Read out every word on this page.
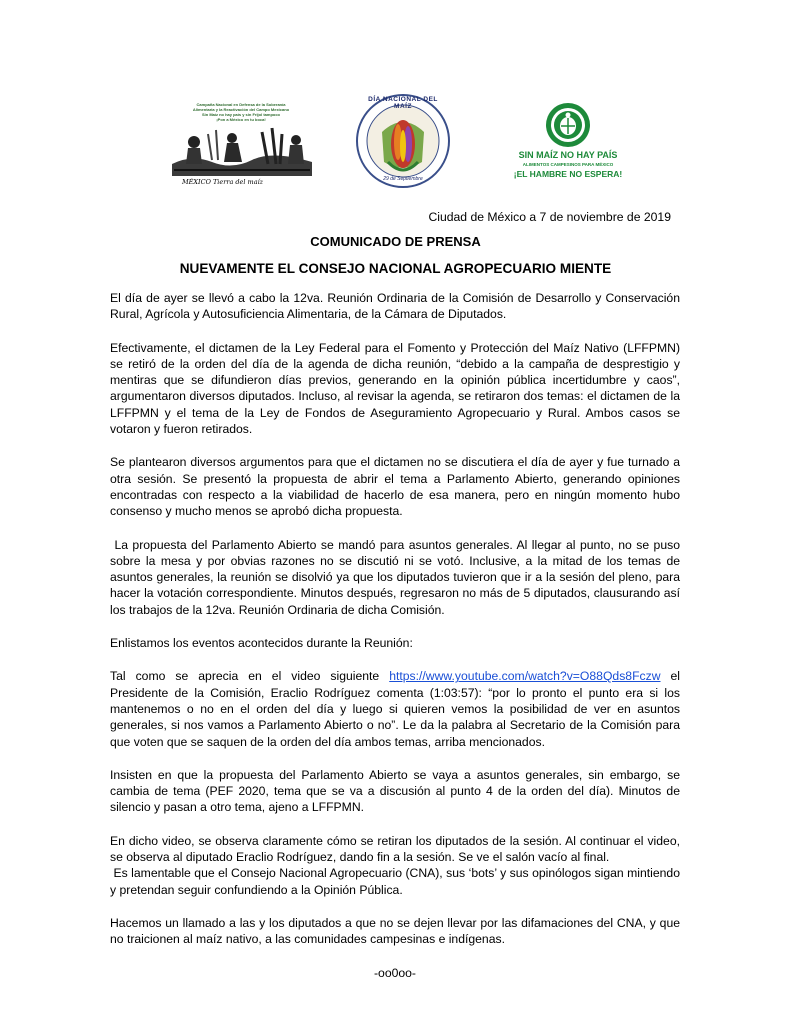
Campaña Nacional en Defensa de la Soberanía
Alimentaria y la Reactivación del Campo Mexicano
Sin Maíz no hay país y sin Frijol tampoco
¡Pon a México en tu boca!
MÉXICO Tierra del maíz
DÍA NACIONAL DEL MAÍZ
29 de Septiembre
SIN MAÍZ NO HAY PAÍS
ALIMENTOS CAMPESINOS PARA MÉXICO
¡EL HAMBRE NO ESPERA!
Ciudad de México a 7 de noviembre de 2019
COMUNICADO DE PRENSA
NUEVAMENTE EL CONSEJO NACIONAL AGROPECUARIO MIENTE

El día de ayer se llevó a cabo la 12va. Reunión Ordinaria de la Comisión de Desarrollo y Conservación Rural, Agrícola y Autosuficiencia Alimentaria, de la Cámara de Diputados.

Efectivamente, el dictamen de la Ley Federal para el Fomento y Protección del Maíz Nativo (LFFPMN) se retiró de la orden del día de la agenda de dicha reunión, “debido a la campaña de desprestigio y mentiras que se difundieron días previos, generando en la opinión pública incertidumbre y caos”, argumentaron diversos diputados. Incluso, al revisar la agenda, se retiraron dos temas: el dictamen de la LFFPMN y el tema de la Ley de Fondos de Aseguramiento Agropecuario y Rural. Ambos casos se votaron y fueron retirados.

Se plantearon diversos argumentos para que el dictamen no se discutiera el día de ayer y fue turnado a otra sesión. Se presentó la propuesta de abrir el tema a Parlamento Abierto, generando opiniones encontradas con respecto a la viabilidad de hacerlo de esa manera, pero en ningún momento hubo consenso y mucho menos se aprobó dicha propuesta.

La propuesta del Parlamento Abierto se mandó para asuntos generales. Al llegar al punto, no se puso sobre la mesa y por obvias razones no se discutió ni se votó. Inclusive, a la mitad de los temas de asuntos generales, la reunión se disolvió ya que los diputados tuvieron que ir a la sesión del pleno, para hacer la votación correspondiente. Minutos después, regresaron no más de 5 diputados, clausurando así los trabajos de la 12va. Reunión Ordinaria de dicha Comisión.

Enlistamos los eventos acontecidos durante la Reunión:

Tal como se aprecia en el video siguiente https://www.youtube.com/watch?v=O88Qds8Fczw el Presidente de la Comisión, Eraclio Rodríguez comenta (1:03:57): “por lo pronto el punto era si los mantenemos o no en el orden del día y luego si quieren vemos la posibilidad de ver en asuntos generales, si nos vamos a Parlamento Abierto o no”. Le da la palabra al Secretario de la Comisión para que voten que se saquen de la orden del día ambos temas, arriba mencionados.

Insisten en que la propuesta del Parlamento Abierto se vaya a asuntos generales, sin embargo, se cambia de tema (PEF 2020, tema que se va a discusión al punto 4 de la orden del día). Minutos de silencio y pasan a otro tema, ajeno a LFFPMN.

En dicho video, se observa claramente cómo se retiran los diputados de la sesión. Al continuar el video, se observa al diputado Eraclio Rodríguez, dando fin a la sesión. Se ve el salón vacío al final.

Es lamentable que el Consejo Nacional Agropecuario (CNA), sus ‘bots’ y sus opinólogos sigan mintiendo y pretendan seguir confundiendo a la Opinión Pública.

Hacemos un llamado a las y los diputados a que no se dejen llevar por las difamaciones del CNA, y que no traicionen al maíz nativo, a las comunidades campesinas e indígenas.

-oo0oo-
